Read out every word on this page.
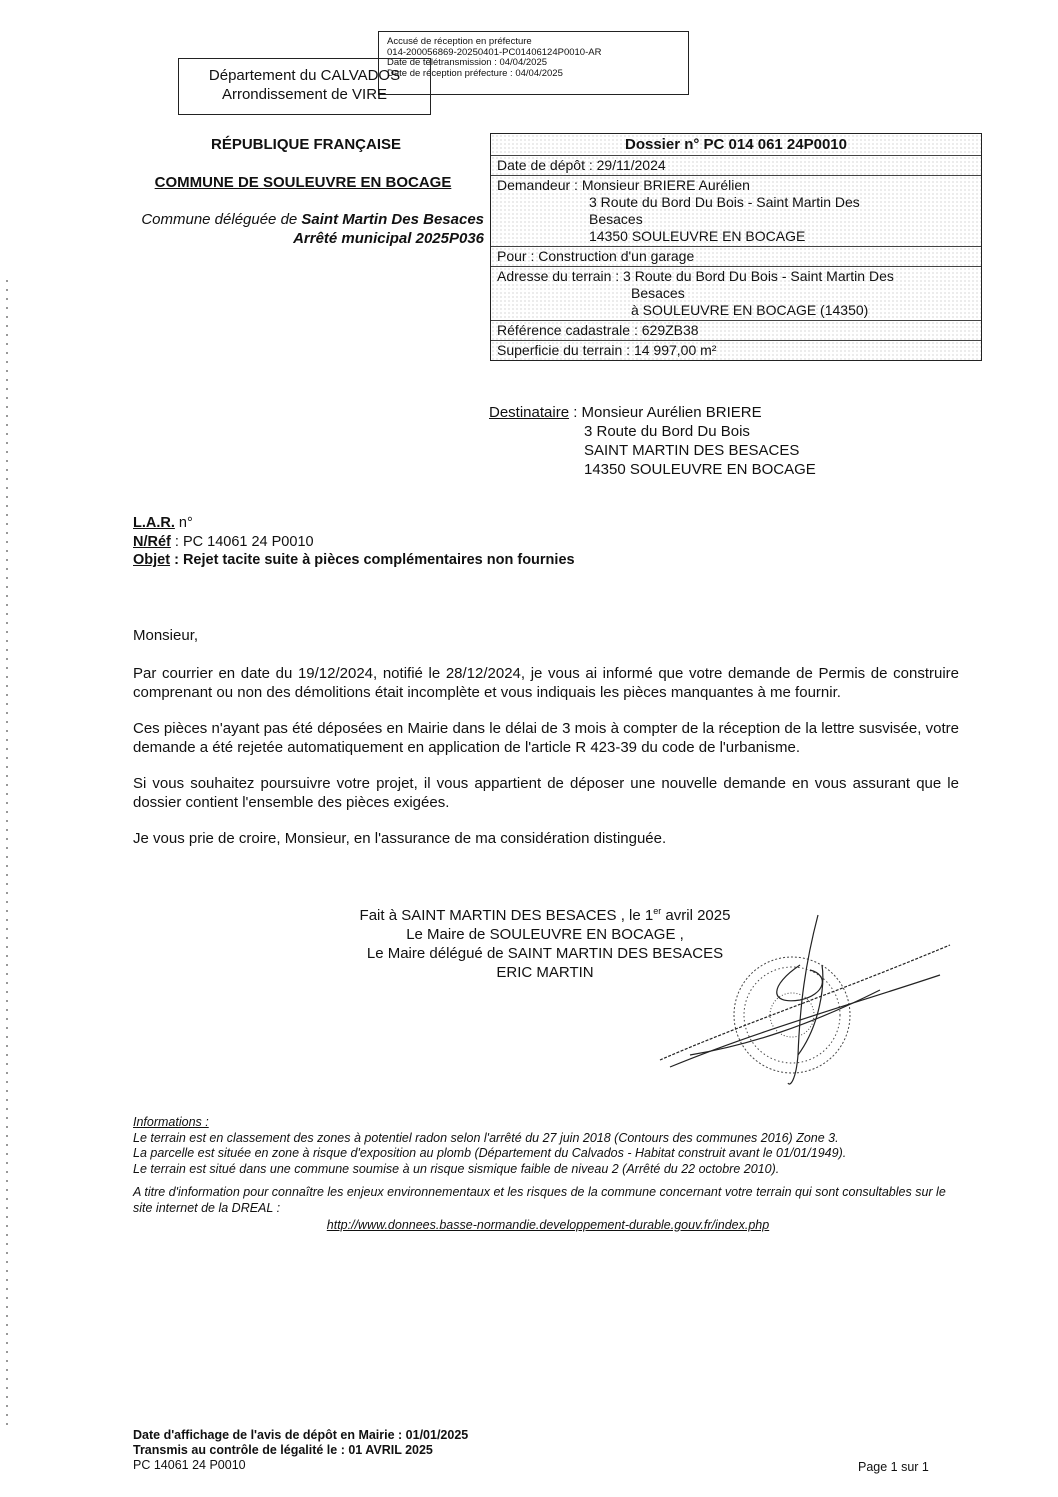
Accusé de réception en préfecture
014-200056869-20250401-PC01406124P0010-AR
Date de télétransmission : 04/04/2025
Date de réception préfecture : 04/04/2025
Département du CALVADOS
Arrondissement de VIRE
RÉPUBLIQUE FRANÇAISE
COMMUNE DE SOULEUVRE EN BOCAGE
Commune déléguée de Saint Martin Des Besaces
Arrêté municipal 2025P036
Dossier n° PC 014 061 24P0010
Date de dépôt : 29/11/2024
Demandeur : Monsieur BRIERE Aurélien
3 Route du Bord Du Bois - Saint Martin Des
Besaces
14350 SOULEUVRE EN BOCAGE
Pour : Construction d'un garage
Adresse du terrain : 3 Route du Bord Du Bois - Saint Martin Des
Besaces
à SOULEUVRE EN BOCAGE (14350)
Référence cadastrale : 629ZB38
Superficie du terrain : 14 997,00 m²
Destinataire : Monsieur Aurélien BRIERE
3 Route du Bord Du Bois
SAINT MARTIN DES BESACES
14350 SOULEUVRE EN BOCAGE
L.A.R. n°
N/Réf : PC 14061 24 P0010
Objet : Rejet tacite suite à pièces complémentaires non fournies

Monsieur,

Par courrier en date du 19/12/2024, notifié le 28/12/2024, je vous ai informé que votre demande de Permis de construire comprenant ou non des démolitions était incomplète et vous indiquais les pièces manquantes à me fournir.

Ces pièces n'ayant pas été déposées en Mairie dans le délai de 3 mois à compter de la réception de la lettre susvisée, votre demande a été rejetée automatiquement en application de l'article R 423-39 du code de l'urbanisme.

Si vous souhaitez poursuivre votre projet, il vous appartient de déposer une nouvelle demande en vous assurant que le dossier contient l'ensemble des pièces exigées.

Je vous prie de croire, Monsieur, en l'assurance de ma considération distinguée.

Fait à SAINT MARTIN DES BESACES , le 1er avril 2025
Le Maire de SOULEUVRE EN BOCAGE ,
Le Maire délégué de SAINT MARTIN DES BESACES
ERIC MARTIN

Informations :

Le terrain est en classement des zones à potentiel radon selon l'arrêté du 27 juin 2018 (Contours des communes 2016) Zone 3.

La parcelle est située en zone à risque d'exposition au plomb (Département du Calvados - Habitat construit avant le 01/01/1949).

Le terrain est situé dans une commune soumise à un risque sismique faible de niveau 2 (Arrêté du 22 octobre 2010).

A titre d'information pour connaître les enjeux environnementaux et les risques de la commune concernant votre terrain qui sont consultables sur le site internet de la DREAL :

http://www.donnees.basse-normandie.developpement-durable.gouv.fr/index.php

Date d'affichage de l'avis de dépôt en Mairie : 01/01/2025
Transmis au contrôle de légalité le : 01 AVRIL 2025
PC 14061 24 P0010	Page 1 sur 1
